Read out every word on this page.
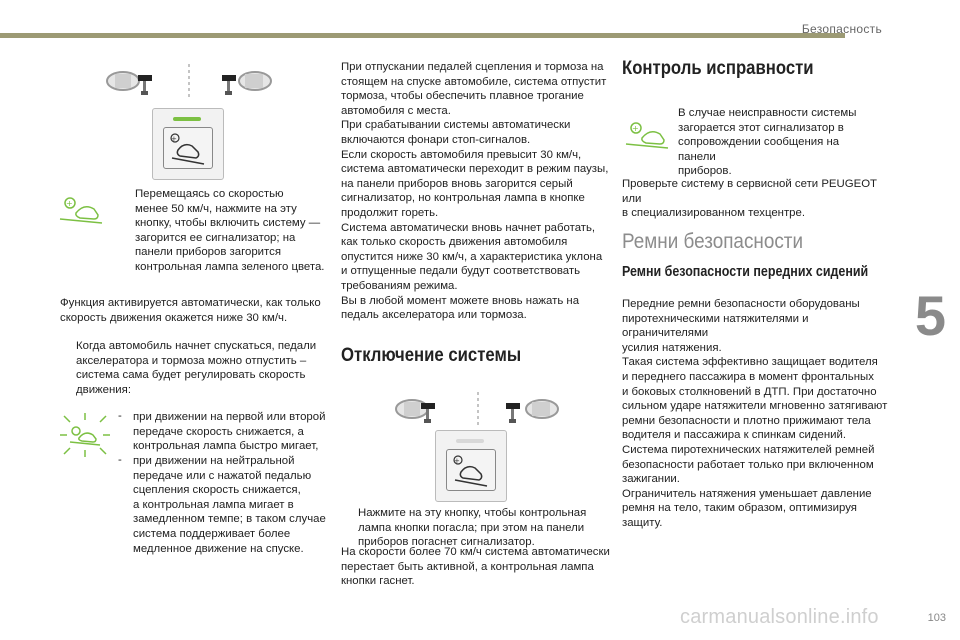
Безопасность
5
103
carmanualsonline.info
+
+
Перемещаясь со скоростью
менее 50 км/ч, нажмите на эту
кнопку, чтобы включить систему —
загорится ее сигнализатор; на
панели приборов загорится
контрольная лампа зеленого цвета.
Функция активируется автоматически, как только
скорость движения окажется ниже 30 км/ч.
Когда автомобиль начнет спускаться, педали
акселератора и тормоза можно отпустить –
система сама будет регулировать скорость
движения:
- при движении на первой или второй
передаче скорость снижается, а
контрольная лампа быстро мигает,
- при движении на нейтральной
передаче или с нажатой педалью
сцепления скорость снижается,
а контрольная лампа мигает в
замедленном темпе; в таком случае
система поддерживает более
медленное движение на спуске.
При отпускании педалей сцепления и тормоза на
стоящем на спуске автомобиле, система отпустит
тормоза, чтобы обеспечить плавное трогание
автомобиля с места.
При срабатывании системы автоматически
включаются фонари стоп-сигналов.
Если скорость автомобиля превысит 30 км/ч,
система автоматически переходит в режим паузы,
на панели приборов вновь загорится серый
сигнализатор, но контрольная лампа в кнопке
продолжит гореть.
Система автоматически вновь начнет работать,
как только скорость движения автомобиля
опустится ниже 30 км/ч, а характеристика уклона
и отпущенные педали будут соответствовать
требованиям режима.
Вы в любой момент можете вновь нажать на
педаль акселератора или тормоза.
Отключение системы
+
Нажмите на эту кнопку, чтобы контрольная
лампа кнопки погасла; при этом на панели
приборов погаснет сигнализатор.
На скорости более 70 км/ч система автоматически
перестает быть активной, а контрольная лампа
кнопки гаснет.
Контроль исправности
+
В случае неисправности системы
загорается этот сигнализатор в
сопровождении сообщения на панели
приборов.
Проверьте систему в сервисной сети PEUGEOT или
в специализированном техцентре.
Ремни безопасности
Ремни безопасности передних сидений
Передние ремни безопасности оборудованы
пиротехническими натяжителями и ограничителями
усилия натяжения.
Такая система эффективно защищает водителя
и переднего пассажира в момент фронтальных
и боковых столкновений в ДТП. При достаточно
сильном ударе натяжители мгновенно затягивают
ремни безопасности и плотно прижимают тела
водителя и пассажира к спинкам сидений.
Система пиротехнических натяжителей ремней
безопасности работает только при включенном
зажигании.
Ограничитель натяжения уменьшает давление
ремня на тело, таким образом, оптимизируя
защиту.
